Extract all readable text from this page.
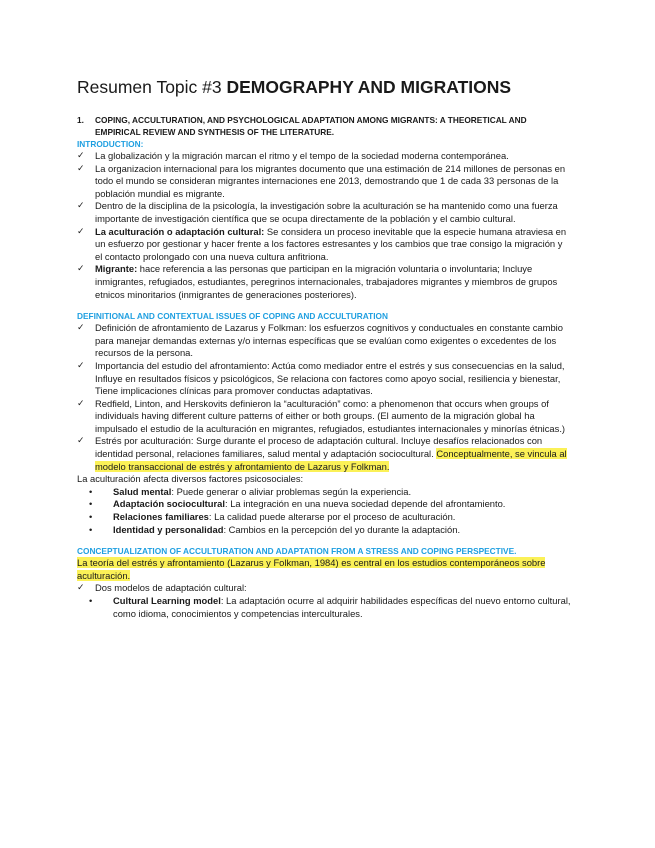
Resumen Topic #3 DEMOGRAPHY AND MIGRATIONS
1. COPING, ACCULTURATION, AND PSYCHOLOGICAL ADAPTATION AMONG MIGRANTS: A THEORETICAL AND EMPIRICAL REVIEW AND SYNTHESIS OF THE LITERATURE.
INTRODUCTION:
✓ La globalización y la migración marcan el ritmo y el tempo de la sociedad moderna contemporánea.
✓ La organizacion internacional para los migrantes documento que una estimación de 214 millones de personas en todo el mundo se consideran migrantes internaciones ene 2013, demostrando que 1 de cada 33 personas de la población mundial es migrante.
✓ Dentro de la disciplina de la psicología, la investigación sobre la aculturación se ha mantenido como una fuerza importante de investigación científica que se ocupa directamente de la población y el cambio cultural.
✓ La aculturación o adaptación cultural: Se considera un proceso inevitable que la especie humana atraviesa en un esfuerzo por gestionar y hacer frente a los factores estresantes y los cambios que trae consigo la migración y el contacto prolongado con una nueva cultura anfitriona.
✓ Migrante: hace referencia a las personas que participan en la migración voluntaria o involuntaria; Incluye inmigrantes, refugiados, estudiantes, peregrinos internacionales, trabajadores migrantes y miembros de grupos etnicos minoritarios (inmigrantes de generaciones posteriores).
DEFINITIONAL AND CONTEXTUAL ISSUES OF COPING AND ACCULTURATION
✓ Definición de afrontamiento de Lazarus y Folkman: los esfuerzos cognitivos y conductuales en constante cambio para manejar demandas externas y/o internas específicas que se evalúan como exigentes o excedentes de los recursos de la persona.
✓ Importancia del estudio del afrontamiento: Actúa como mediador entre el estrés y sus consecuencias en la salud, Influye en resultados físicos y psicológicos, Se relaciona con factores como apoyo social, resiliencia y bienestar, Tiene implicaciones clínicas para promover conductas adaptativas.
✓ Redfield, Linton, and Herskovits definieron la “aculturación” como: a phenomenon that occurs when groups of individuals having different culture patterns of either or both groups. (El aumento de la migración global ha impulsado el estudio de la aculturación en migrantes, refugiados, estudiantes internacionales y minorías étnicas.)
✓ Estrés por aculturación: Surge durante el proceso de adaptación cultural. Incluye desafíos relacionados con identidad personal, relaciones familiares, salud mental y adaptación sociocultural. Conceptualmente, se vincula al modelo transaccional de estrés y afrontamiento de Lazarus y Folkman.
La aculturación afecta diversos factores psicosociales:
• Salud mental: Puede generar o aliviar problemas según la experiencia.
• Adaptación sociocultural: La integración en una nueva sociedad depende del afrontamiento.
• Relaciones familiares: La calidad puede alterarse por el proceso de aculturación.
• Identidad y personalidad: Cambios en la percepción del yo durante la adaptación.
CONCEPTUALIZATION OF ACCULTURATION AND ADAPTATION FROM A STRESS AND COPING PERSPECTIVE.
La teoría del estrés y afrontamiento (Lazarus y Folkman, 1984) es central en los estudios contemporáneos sobre aculturación.
✓ Dos modelos de adaptación cultural:
• Cultural Learning model: La adaptación ocurre al adquirir habilidades específicas del nuevo entorno cultural, como idioma, conocimientos y competencias interculturales.
